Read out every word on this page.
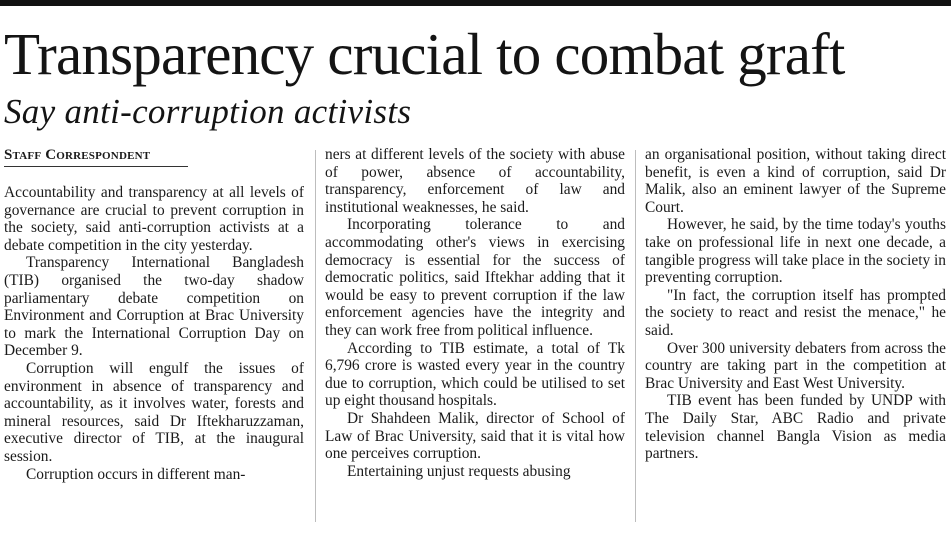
Transparency crucial to combat graft
Say anti-corruption activists
Staff Correspondent

Accountability and transparency at all levels of governance are crucial to prevent corruption in the society, said anti-corruption activists at a debate competition in the city yesterday.

Transparency International Bangladesh (TIB) organised the two-day shadow parliamentary debate competition on Environment and Corruption at Brac University to mark the International Corruption Day on December 9.

Corruption will engulf the issues of environment in absence of transparency and accountability, as it involves water, forests and mineral resources, said Dr Iftekharuzzaman, executive director of TIB, at the inaugural session.

Corruption occurs in different man-

ners at different levels of the society with abuse of power, absence of accountability, transparency, enforcement of law and institutional weaknesses, he said.

Incorporating tolerance to and accommodating other's views in exercising democracy is essential for the success of democratic politics, said Iftekhar adding that it would be easy to prevent corruption if the law enforcement agencies have the integrity and they can work free from political influence.

According to TIB estimate, a total of Tk 6,796 crore is wasted every year in the country due to corruption, which could be utilised to set up eight thousand hospitals.

Dr Shahdeen Malik, director of School of Law of Brac University, said that it is vital how one perceives corruption.

Entertaining unjust requests abusing

an organisational position, without taking direct benefit, is even a kind of corruption, said Dr Malik, also an eminent lawyer of the Supreme Court.

However, he said, by the time today's youths take on professional life in next one decade, a tangible progress will take place in the society in preventing corruption.

"In fact, the corruption itself has prompted the society to react and resist the menace," he said.

Over 300 university debaters from across the country are taking part in the competition at Brac University and East West University.

TIB event has been funded by UNDP with The Daily Star, ABC Radio and private television channel Bangla Vision as media partners.
